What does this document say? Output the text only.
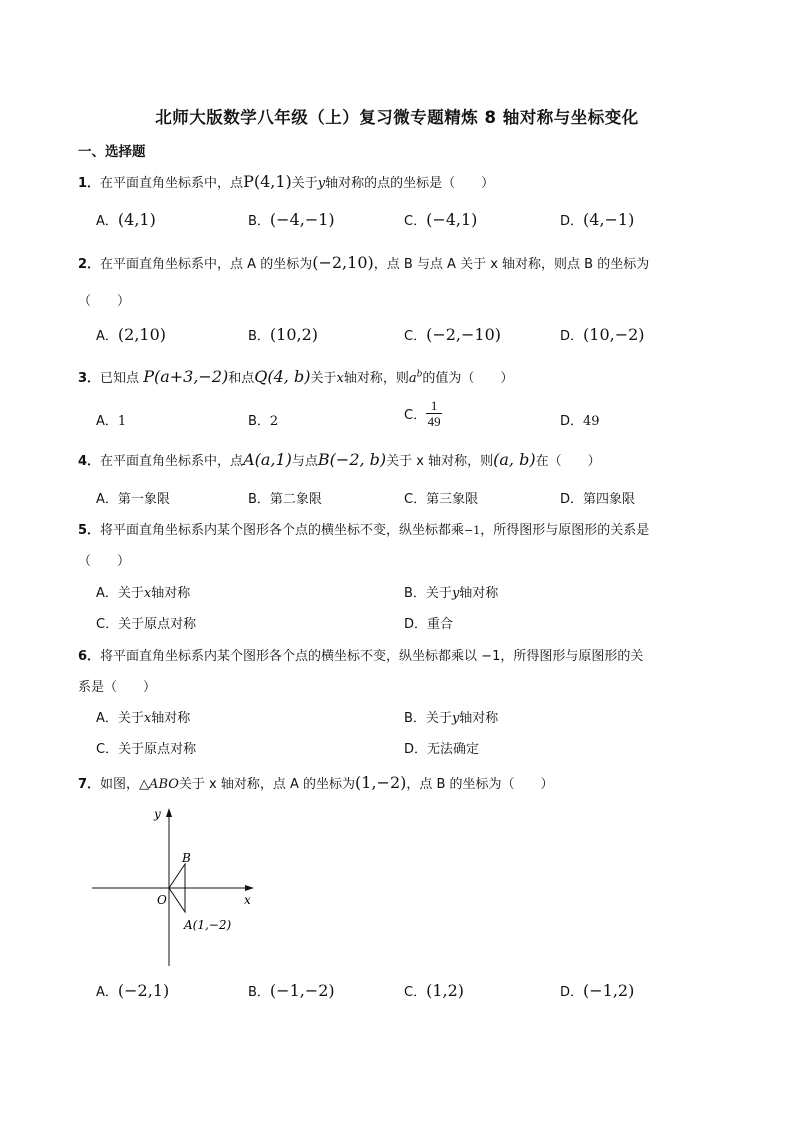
北师大版数学八年级（上）复习微专题精炼 8 轴对称与坐标变化
一、选择题
1．在平面直角坐标系中，点P(4,1)关于y轴对称的点的坐标是（　　）
A．(4,1)	B．(−4,−1)	C．(−4,1)	D．(4,−1)
2．在平面直角坐标系中，点 A 的坐标为(−2,10)，点 B 与点 A 关于 x 轴对称，则点 B 的坐标为
（　　）
A．(2,10)	B．(10,2)	C．(−2,−10)	D．(10,−2)
3．已知点 P(a+3,−2)和点Q(4, b)关于x轴对称，则$a^b$的值为（　　）
A．1	B．2	C． $\frac{1}{49}$	D．49
4．在平面直角坐标系中，点A(a,1)与点B(−2, b)关于 x 轴对称，则(a, b)在（　　）
A．第一象限	B．第二象限	C．第三象限	D．第四象限
5．将平面直角坐标系内某个图形各个点的横坐标不变，纵坐标都乘−1，所得图形与原图形的关系是
（　　）
A．关于x轴对称	B．关于y轴对称
C．关于原点对称	D．重合
6．将平面直角坐标系内某个图形各个点的横坐标不变，纵坐标都乘以 −1，所得图形与原图形的关
系是（　　）
A．关于x轴对称	B．关于y轴对称
C．关于原点对称	D．无法确定
7．如图，△ABO关于 x 轴对称，点 A 的坐标为(1,−2)，点 B 的坐标为（　　）
y
x
O
B
A(1,−2)
A．(−2,1)	B．(−1,−2)	C．(1,2)	D．(−1,2)
